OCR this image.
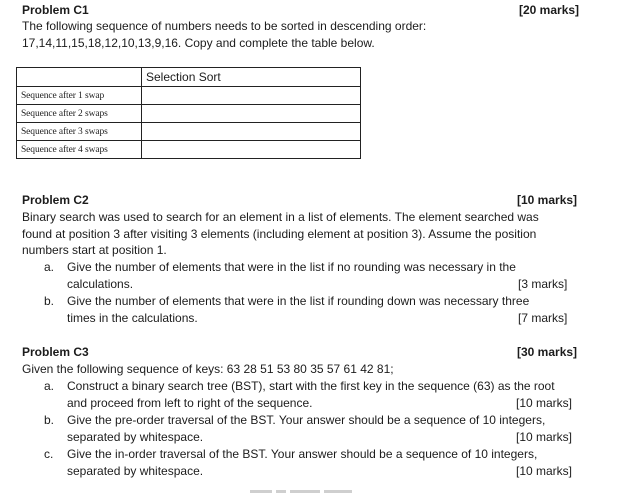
Problem C1	[20 marks]
The following sequence of numbers needs to be sorted in descending order:
17,14,11,15,18,12,10,13,9,16. Copy and complete the table below.
	Selection Sort
Sequence after 1 swap	
Sequence after 2 swaps	
Sequence after 3 swaps	
Sequence after 4 swaps	
Problem C2	[10 marks]
Binary search was used to search for an element in a list of elements. The element searched was
found at position 3 after visiting 3 elements (including element at position 3). Assume the position
numbers start at position 1.
a. Give the number of elements that were in the list if no rounding was necessary in the
calculations.	[3 marks]
b. Give the number of elements that were in the list if rounding down was necessary three
times in the calculations.	[7 marks]
Problem C3	[30 marks]
Given the following sequence of keys: 63 28 51 53 80 35 57 61 42 81;
a. Construct a binary search tree (BST), start with the first key in the sequence (63) as the root
and proceed from left to right of the sequence.	[10 marks]
b. Give the pre-order traversal of the BST. Your answer should be a sequence of 10 integers,
separated by whitespace.	[10 marks]
c. Give the in-order traversal of the BST. Your answer should be a sequence of 10 integers,
separated by whitespace.	[10 marks]
